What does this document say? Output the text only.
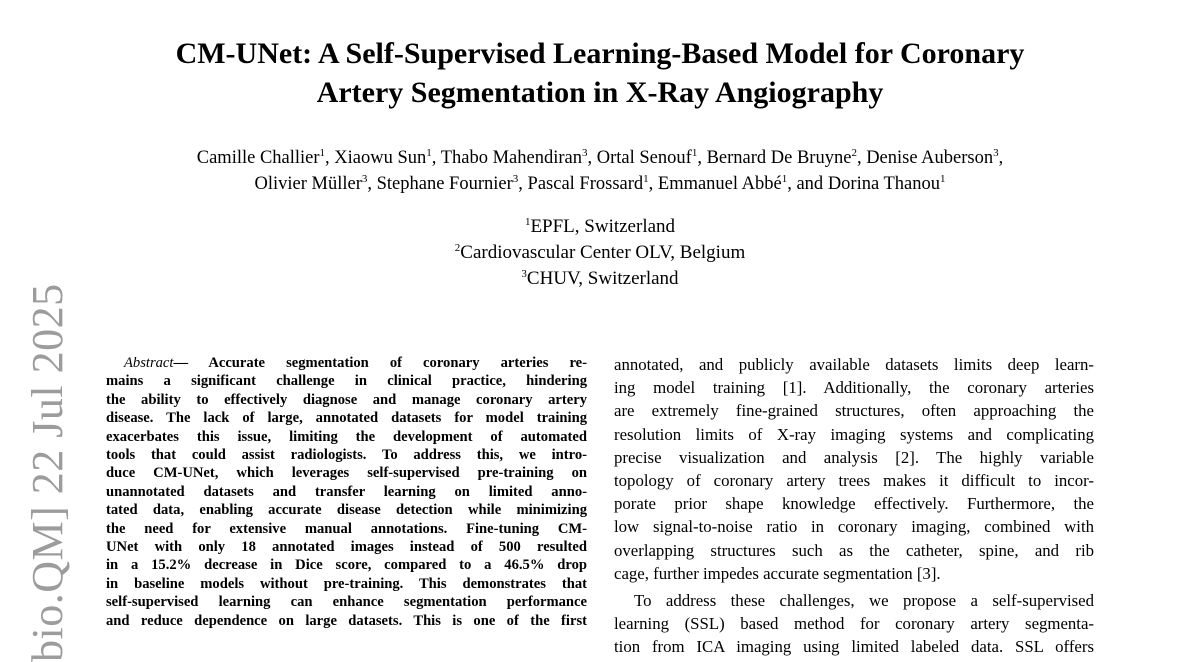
bio.QM] 22 Jul 2025
CM-UNet: A Self-Supervised Learning-Based Model for Coronary
Artery Segmentation in X-Ray Angiography
Camille Challier$^1$, Xiaowu Sun$^1$, Thabo Mahendiran$^3$, Ortal Senouf$^1$, Bernard De Bruyne$^2$, Denise Auberson$^3$,
Olivier Müller$^3$, Stephane Fournier$^3$, Pascal Frossard$^1$, Emmanuel Abbé$^1$, and Dorina Thanou$^1$
$^1$EPFL, Switzerland
$^2$Cardiovascular Center OLV, Belgium
$^3$CHUV, Switzerland
Abstract— Accurate segmentation of coronary arteries re-
mains a significant challenge in clinical practice, hindering
the ability to effectively diagnose and manage coronary artery
disease. The lack of large, annotated datasets for model training
exacerbates this issue, limiting the development of automated
tools that could assist radiologists. To address this, we intro-
duce CM-UNet, which leverages self-supervised pre-training on
unannotated datasets and transfer learning on limited anno-
tated data, enabling accurate disease detection while minimizing
the need for extensive manual annotations. Fine-tuning CM-
UNet with only 18 annotated images instead of 500 resulted
in a 15.2% decrease in Dice score, compared to a 46.5% drop
in baseline models without pre-training. This demonstrates that
self-supervised learning can enhance segmentation performance
and reduce dependence on large datasets. This is one of the first
annotated, and publicly available datasets limits deep learn-
ing model training [1]. Additionally, the coronary arteries
are extremely fine-grained structures, often approaching the
resolution limits of X-ray imaging systems and complicating
precise visualization and analysis [2]. The highly variable
topology of coronary artery trees makes it difficult to incor-
porate prior shape knowledge effectively. Furthermore, the
low signal-to-noise ratio in coronary imaging, combined with
overlapping structures such as the catheter, spine, and rib
cage, further impedes accurate segmentation [3].
To address these challenges, we propose a self-supervised
learning (SSL) based method for coronary artery segmenta-
tion from ICA imaging using limited labeled data. SSL offers
